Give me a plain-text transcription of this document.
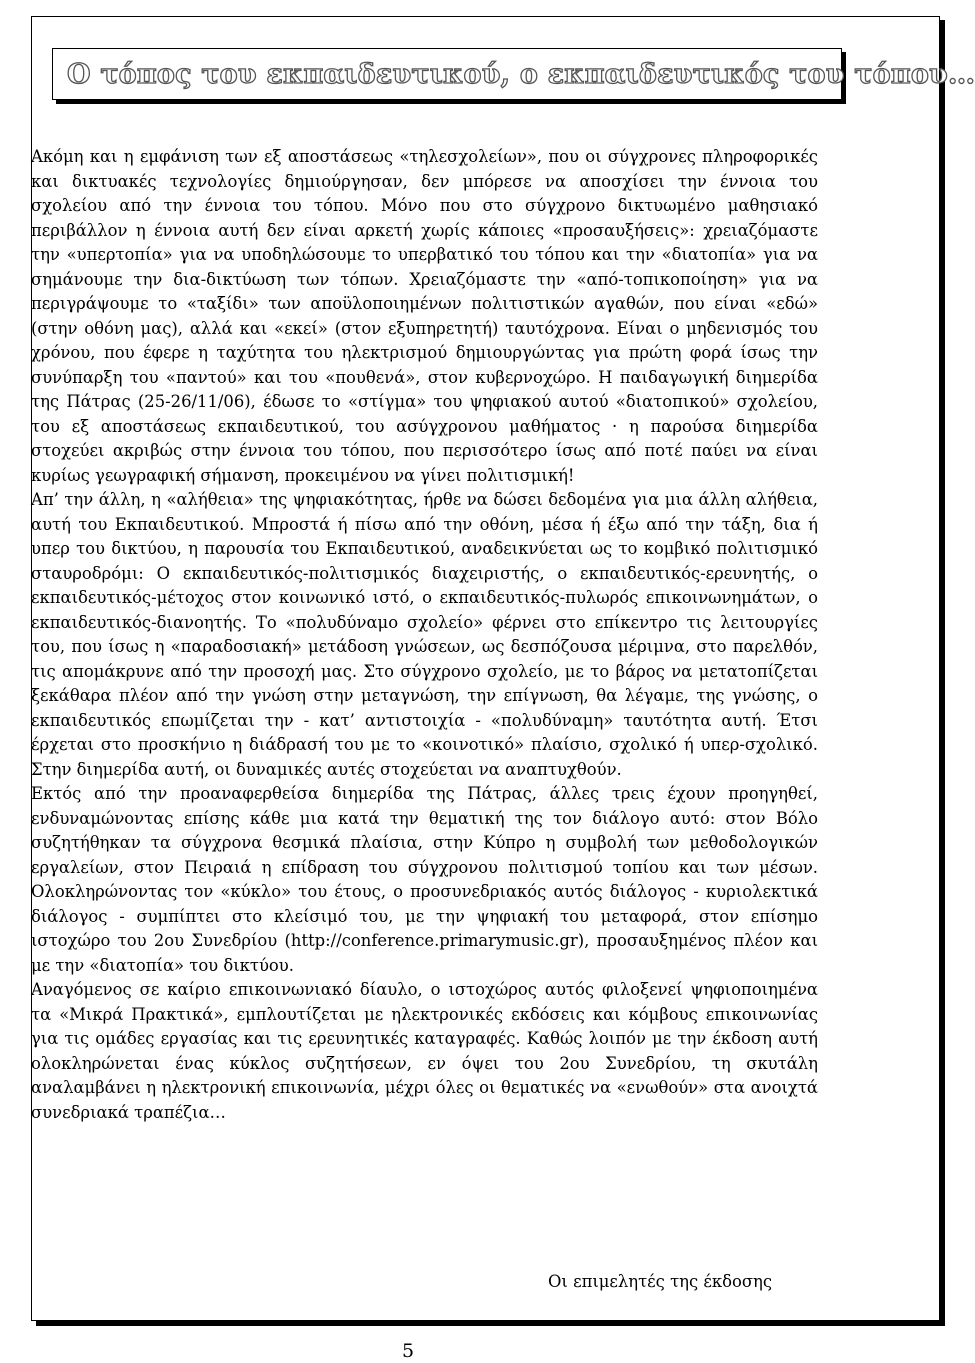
Ο τόπος του εκπαιδευτικού, ο εκπαιδευτικός του τόπου…

Ακόμη και η εμφάνιση των εξ αποστάσεως «τηλεσχολείων», που οι σύγχρονες πληροφορικές και δικτυακές τεχνολογίες δημιούργησαν, δεν μπόρεσε να αποσχίσει την έννοια του σχολείου από την έννοια του τόπου. Μόνο που στο σύγχρονο δικτυωμένο μαθησιακό περιβάλλον η έννοια αυτή δεν είναι αρκετή χωρίς κάποιες «προσαυξήσεις»: χρειαζόμαστε την «υπερτοπία» για να υποδηλώσουμε το υπερβατικό του τόπου και την «διατοπία» για να σημάνουμε την δια-δικτύωση των τόπων. Χρειαζόμαστε την «από-τοπικοποίηση» για να περιγράψουμε το «ταξίδι» των αποϋλοποιημένων πολιτιστικών αγαθών, που είναι «εδώ» (στην οθόνη μας), αλλά και «εκεί» (στον εξυπηρετητή) ταυτόχρονα. Είναι ο μηδενισμός του χρόνου, που έφερε η ταχύτητα του ηλεκτρισμού δημιουργώντας για πρώτη φορά ίσως την συνύπαρξη του «παντού» και του «πουθενά», στον κυβερνοχώρο. Η παιδαγωγική διημερίδα της Πάτρας (25-26/11/06), έδωσε το «στίγμα» του ψηφιακού αυτού «διατοπικού» σχολείου, του εξ αποστάσεως εκπαιδευτικού, του ασύγχρονου μαθήματος · η παρούσα διημερίδα στοχεύει ακριβώς στην έννοια του τόπου, που περισσότερο ίσως από ποτέ παύει να είναι κυρίως γεωγραφική σήμανση, προκειμένου να γίνει πολιτισμική!

Απ’ την άλλη, η «αλήθεια» της ψηφιακότητας, ήρθε να δώσει δεδομένα για μια άλλη αλήθεια, αυτή του Εκπαιδευτικού. Μπροστά ή πίσω από την οθόνη, μέσα ή έξω από την τάξη, δια ή υπερ του δικτύου, η παρουσία του Εκπαιδευτικού, αναδεικνύεται ως το κομβικό πολιτισμικό σταυροδρόμι: Ο εκπαιδευτικός-πολιτισμικός διαχειριστής, ο εκπαιδευτικός-ερευνητής, ο εκπαιδευτικός-μέτοχος στον κοινωνικό ιστό, ο εκπαιδευτικός-πυλωρός επικοινωνημάτων, ο εκπαιδευτικός-διανοητής. Το «πολυδύναμο σχολείο» φέρνει στο επίκεντρο τις λειτουργίες του, που ίσως η «παραδοσιακή» μετάδοση γνώσεων, ως δεσπόζουσα μέριμνα, στο παρελθόν, τις απομάκρυνε από την προσοχή μας. Στο σύγχρονο σχολείο, με το βάρος να μετατοπίζεται ξεκάθαρα πλέον από την γνώση στην μεταγνώση, την επίγνωση, θα λέγαμε, της γνώσης, ο εκπαιδευτικός επωμίζεται την - κατ’ αντιστοιχία - «πολυδύναμη» ταυτότητα αυτή. Έτσι έρχεται στο προσκήνιο η διάδρασή του με το «κοινοτικό» πλαίσιο, σχολικό ή υπερ-σχολικό. Στην διημερίδα αυτή, οι δυναμικές αυτές στοχεύεται να αναπτυχθούν.

Εκτός από την προαναφερθείσα διημερίδα της Πάτρας, άλλες τρεις έχουν προηγηθεί, ενδυναμώνοντας επίσης κάθε μια κατά την θεματική της τον διάλογο αυτό: στον Βόλο συζητήθηκαν τα σύγχρονα θεσμικά πλαίσια, στην Κύπρο η συμβολή των μεθοδολογικών εργαλείων, στον Πειραιά η επίδραση του σύγχρονου πολιτισμού τοπίου και των μέσων. Ολοκληρώνοντας τον «κύκλο» του έτους, ο προσυνεδριακός αυτός διάλογος - κυριολεκτικά διάλογος - συμπίπτει στο κλείσιμό του, με την ψηφιακή του μεταφορά, στον επίσημο ιστοχώρο του 2ου Συνεδρίου (http://conference.primarymusic.gr), προσαυξημένος πλέον και με την «διατοπία» του δικτύου.

Αναγόμενος σε καίριο επικοινωνιακό δίαυλο, ο ιστοχώρος αυτός φιλοξενεί ψηφιοποιημένα τα «Μικρά Πρακτικά», εμπλουτίζεται με ηλεκτρονικές εκδόσεις και κόμβους επικοινωνίας για τις ομάδες εργασίας και τις ερευνητικές καταγραφές. Καθώς λοιπόν με την έκδοση αυτή ολοκληρώνεται ένας κύκλος συζητήσεων, εν όψει του 2ου Συνεδρίου, τη σκυτάλη αναλαμβάνει η ηλεκτρονική επικοινωνία, μέχρι όλες οι θεματικές να «ενωθούν» στα ανοιχτά συνεδριακά τραπέζια…

Οι επιμελητές της έκδοσης
5
